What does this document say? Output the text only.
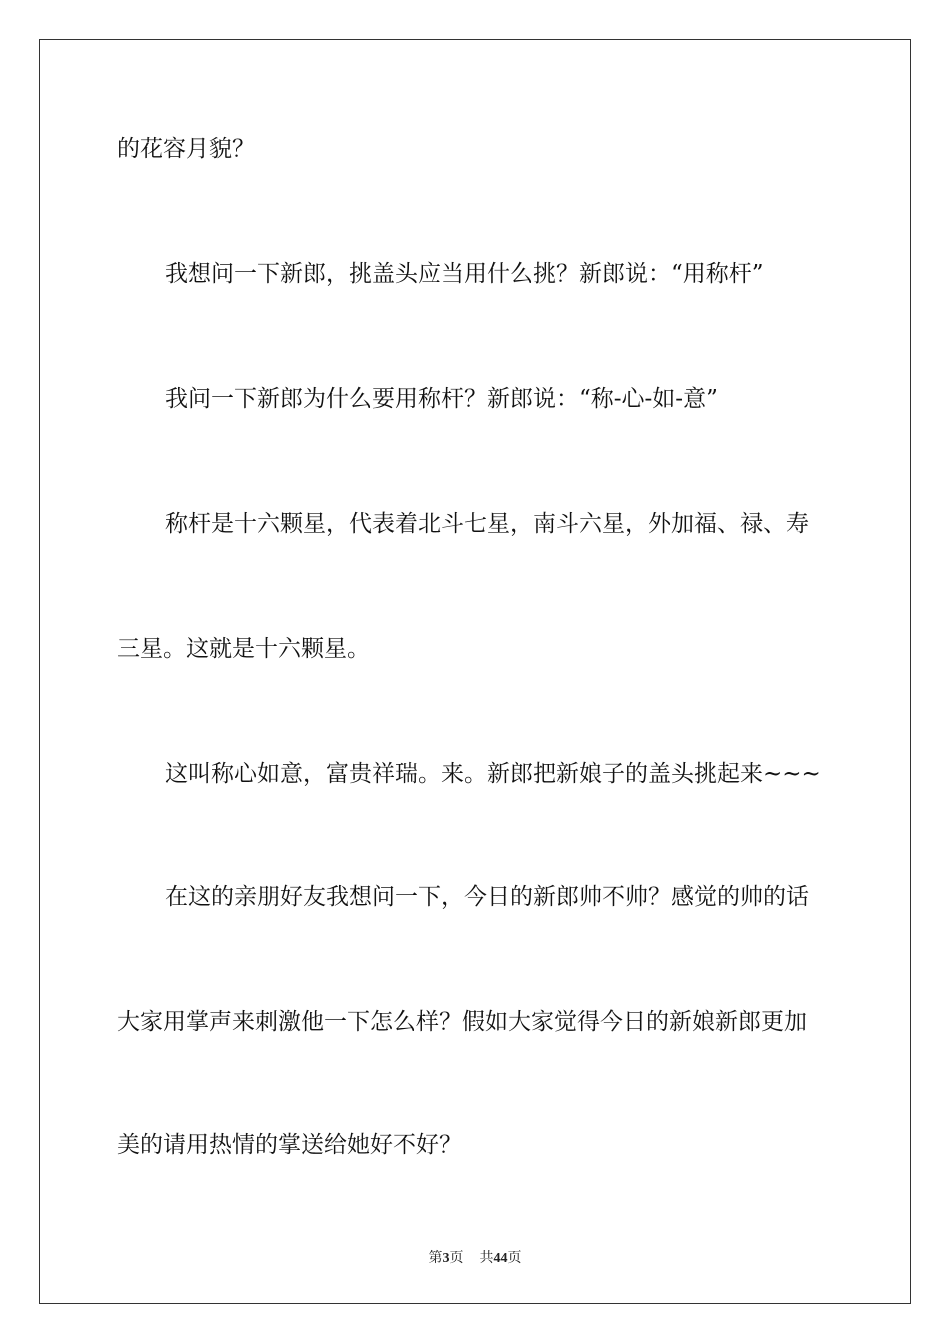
的花容月貌？
我想问一下新郎，挑盖头应当用什么挑？新郎说：“用称杆”
我问一下新郎为什么要用称杆？新郎说：“称-心-如-意”
称杆是十六颗星，代表着北斗七星，南斗六星，外加福、禄、寿
三星。这就是十六颗星。
这叫称心如意，富贵祥瑞。来。新郎把新娘子的盖头挑起来~~~
在这的亲朋好友我想问一下，今日的新郎帅不帅？感觉的帅的话
大家用掌声来刺激他一下怎么样？假如大家觉得今日的新娘新郎更加
美的请用热情的掌送给她好不好？
第3页 共44页
